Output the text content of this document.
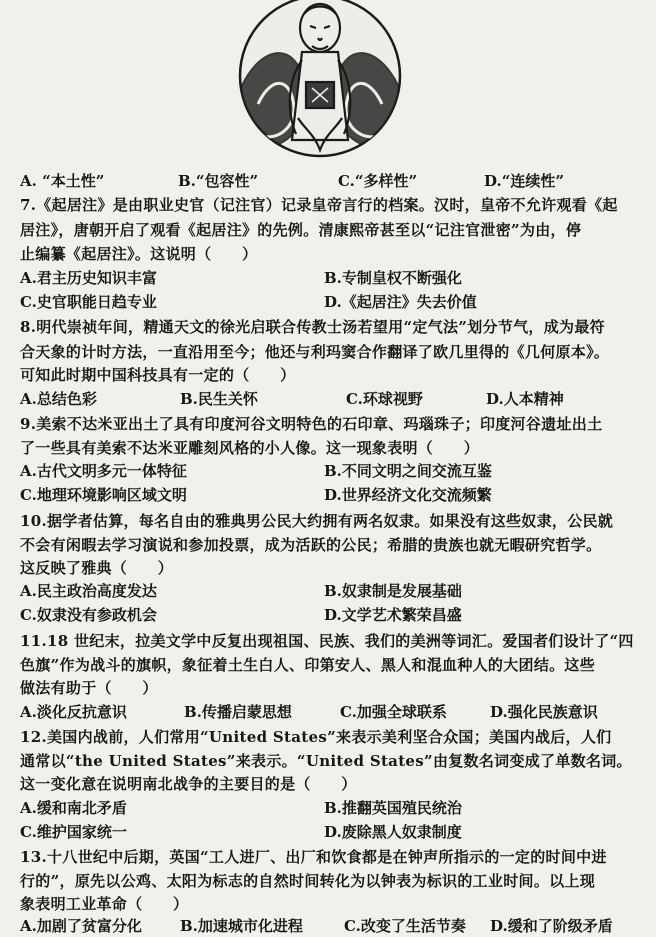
A. “本土性”	B.“包容性”	C.“多样性”	D.“连续性”
7.《起居注》是由职业史官（记注官）记录皇帝言行的档案。汉时，皇帝不允许观看《起
居注》，唐朝开启了观看《起居注》的先例。清康熙帝甚至以“记注官泄密”为由，停
止编纂《起居注》。这说明（　　）
A.君主历史知识丰富	B.专制皇权不断强化
C.史官职能日趋专业	D.《起居注》失去价值
8.明代崇祯年间，精通天文的徐光启联合传教士汤若望用“定气法”划分节气，成为最符
合天象的计时方法，一直沿用至今；他还与利玛窦合作翻译了欧几里得的《几何原本》。
可知此时期中国科技具有一定的（　　）
A.总结色彩	B.民生关怀	C.环球视野	D.人本精神
9.美索不达米亚出土了具有印度河谷文明特色的石印章、玛瑙珠子；印度河谷遗址出土
了一些具有美索不达米亚雕刻风格的小人像。这一现象表明（　　）
A.古代文明多元一体特征	B.不同文明之间交流互鉴
C.地理环境影响区域文明	D.世界经济文化交流频繁
10.据学者估算，每名自由的雅典男公民大约拥有两名奴隶。如果没有这些奴隶，公民就
不会有闲暇去学习演说和参加投票，成为活跃的公民；希腊的贵族也就无暇研究哲学。
这反映了雅典（　　）
A.民主政治高度发达	B.奴隶制是发展基础
C.奴隶没有参政机会	D.文学艺术繁荣昌盛
11.18 世纪末，拉美文学中反复出现祖国、民族、我们的美洲等词汇。爱国者们设计了“四
色旗”作为战斗的旗帜，象征着土生白人、印第安人、黑人和混血种人的大团结。这些
做法有助于（　　）
A.淡化反抗意识	B.传播启蒙思想	C.加强全球联系	D.强化民族意识
12.美国内战前，人们常用“United States”来表示美利坚合众国；美国内战后，人们
通常以“the United States”来表示。“United States”由复数名词变成了单数名词。
这一变化意在说明南北战争的主要目的是（　　）
A.缓和南北矛盾	B.推翻英国殖民统治
C.维护国家统一	D.废除黑人奴隶制度
13.十八世纪中后期，英国“工人进厂、出厂和饮食都是在钟声所指示的一定的时间中进
行的”，原先以公鸡、太阳为标志的自然时间转化为以钟表为标识的工业时间。以上现
象表明工业革命（　　）
A.加剧了贫富分化	B.加速城市化进程	C.改变了生活节奏 D.缓和了阶级矛盾
